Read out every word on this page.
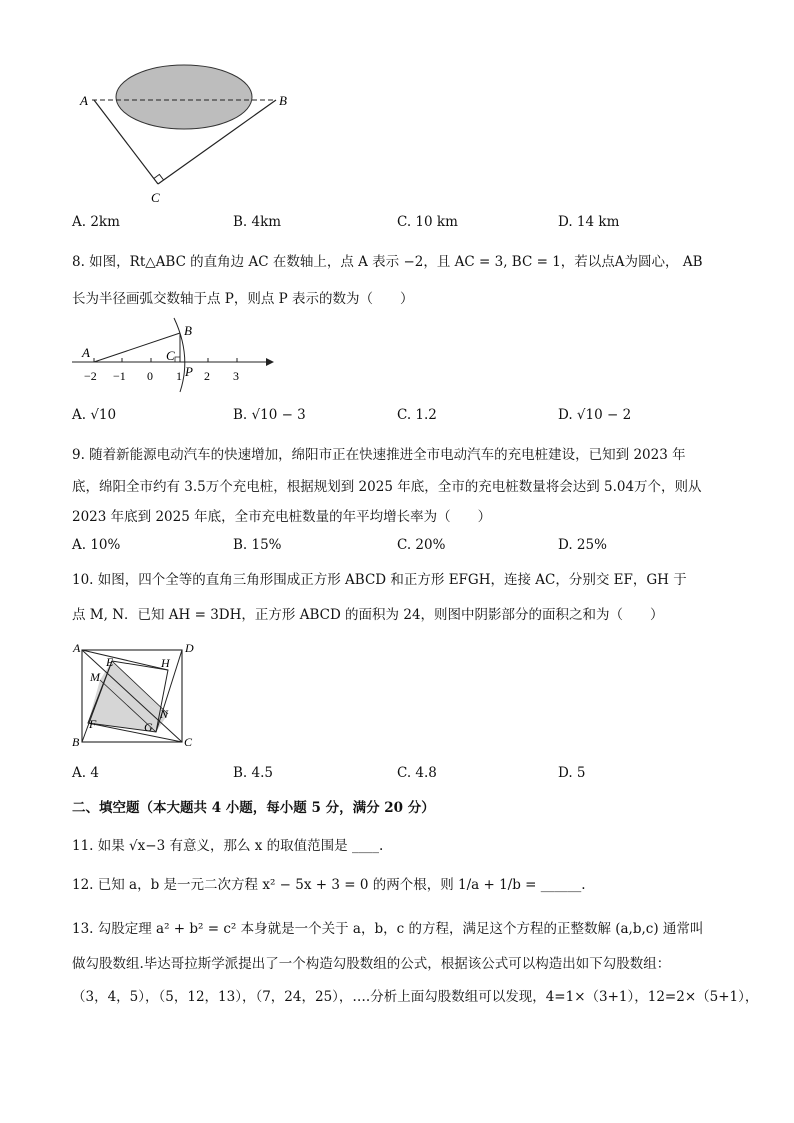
A	B
C
A. 2km	B. 4km	C. 10 km	D. 14 km
8. 如图，Rt△ABC 的直角边 AC 在数轴上，点 A 表示 −2，且 AC = 3, BC = 1，若以点A为圆心， AB
长为半径画弧交数轴于点 P，则点 P 表示的数为（　　）
A
B
C
P
−2 −1 0 1 2 3
A. √10	B. √10 − 3	C. 1.2	D. √10 − 2
9. 随着新能源电动汽车的快速增加，绵阳市正在快速推进全市电动汽车的充电桩建设，已知到 2023 年
底，绵阳全市约有 3.5万个充电桩，根据规划到 2025 年底，全市的充电桩数量将会达到 5.04万个，则从
2023 年底到 2025 年底，全市充电桩数量的年平均增长率为（　　）
A. 10%	B. 15%	C. 20%	D. 25%
10. 如图，四个全等的直角三角形围成正方形 ABCD 和正方形 EFGH，连接 AC，分别交 EF，GH 于
点 M, N．已知 AH = 3DH，正方形 ABCD 的面积为 24，则图中阴影部分的面积之和为（　　）
A	D
B	C
E	H
M
F
N
G
A. 4	B. 4.5	C. 4.8	D. 5
二、填空题（本大题共 4 小题，每小题 5 分，满分 20 分）
11. 如果 √x−3 有意义，那么 x 的取值范围是 ____.
12. 已知 a，b 是一元二次方程 x² − 5x + 3 = 0 的两个根，则 1/a + 1/b = ______.
13. 勾股定理 a² + b² = c² 本身就是一个关于 a，b，c 的方程，满足这个方程的正整数解 (a,b,c) 通常叫
做勾股数组.毕达哥拉斯学派提出了一个构造勾股数组的公式，根据该公式可以构造出如下勾股数组：
（3，4，5），（5，12，13），（7，24，25），….分析上面勾股数组可以发现，4=1×（3+1），12=2×（5+1），
